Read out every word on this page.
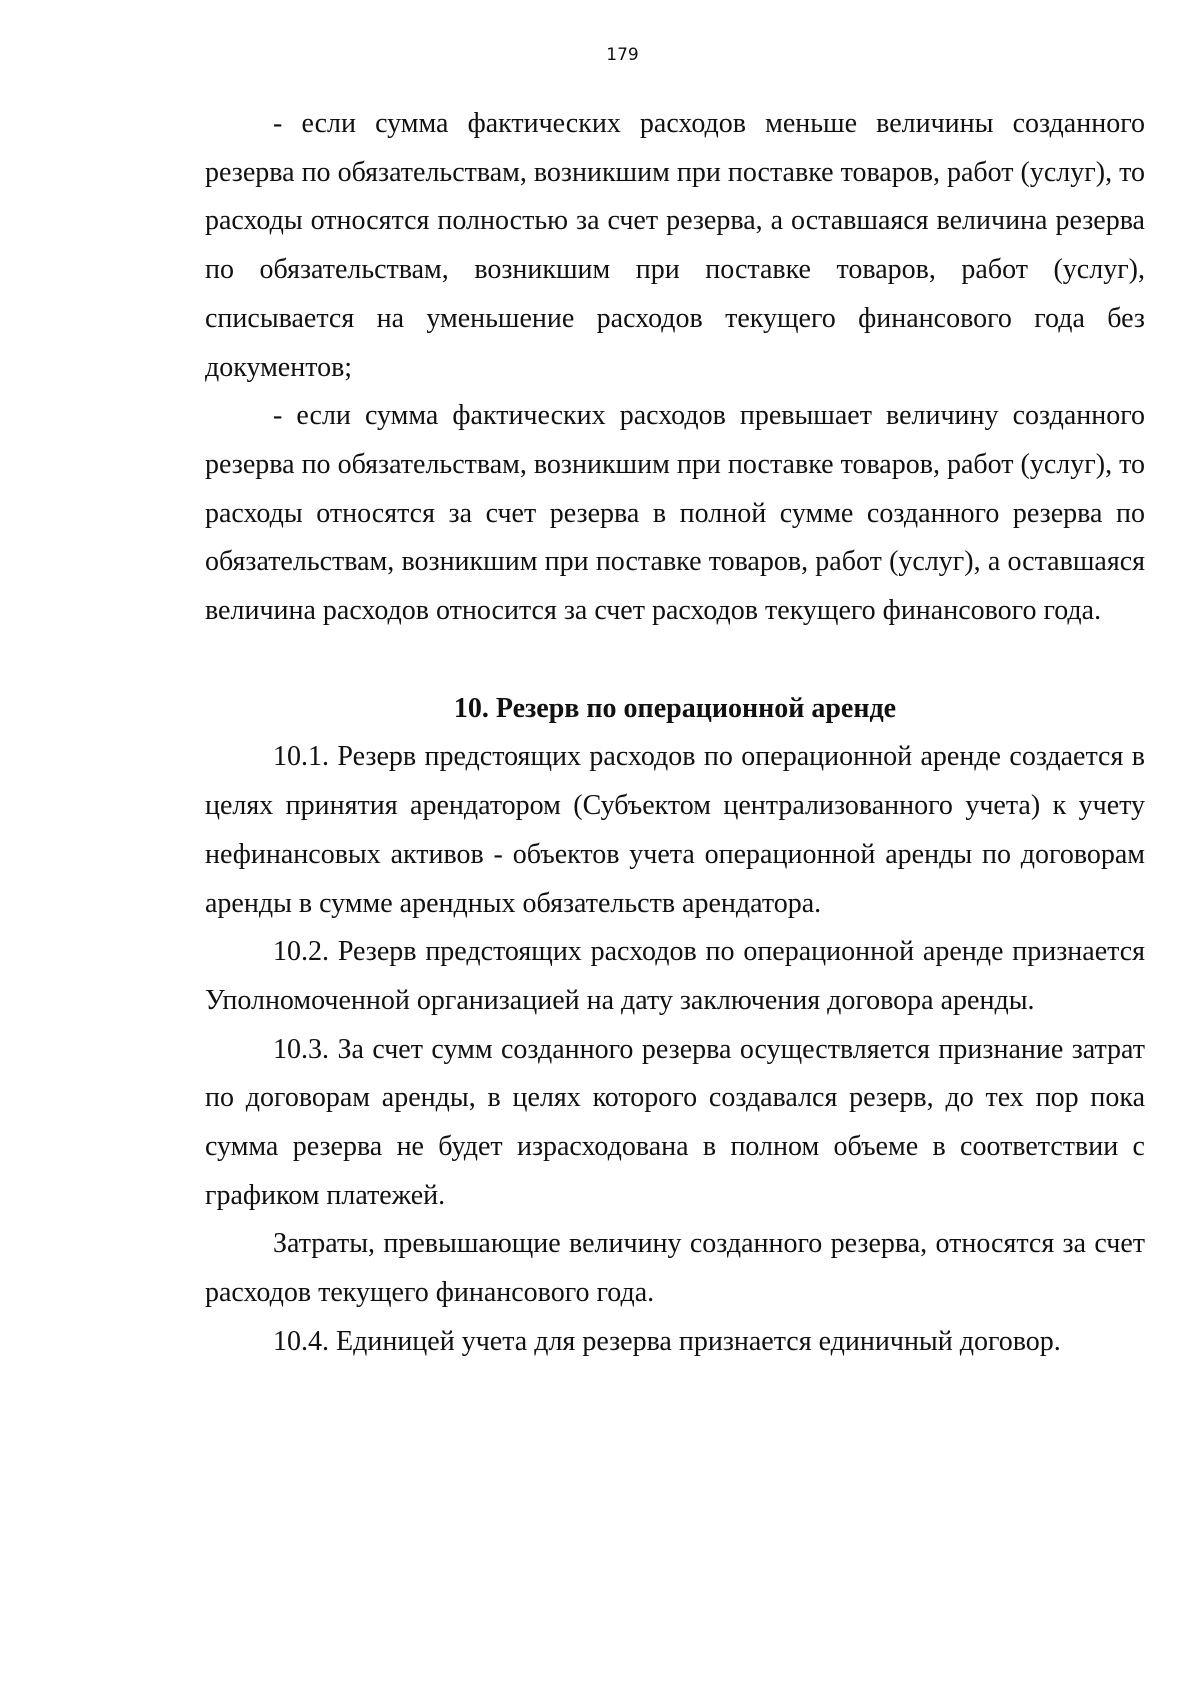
179

- если сумма фактических расходов меньше величины созданного резерва по обязательствам, возникшим при поставке товаров, работ (услуг), то расходы относятся полностью за счет резерва, а оставшаяся величина резерва по обязательствам, возникшим при поставке товаров, работ (услуг), списывается на уменьшение расходов текущего финансового года без документов;

- если сумма фактических расходов превышает величину созданного резерва по обязательствам, возникшим при поставке товаров, работ (услуг), то расходы относятся за счет резерва в полной сумме созданного резерва по обязательствам, возникшим при поставке товаров, работ (услуг), а оставшаяся величина расходов относится за счет расходов текущего финансового года.

10. Резерв по операционной аренде

10.1. Резерв предстоящих расходов по операционной аренде создается в целях принятия арендатором (Субъектом централизованного учета) к учету нефинансовых активов - объектов учета операционной аренды по договорам аренды в сумме арендных обязательств арендатора.

10.2. Резерв предстоящих расходов по операционной аренде признается Уполномоченной организацией на дату заключения договора аренды.

10.3. За счет сумм созданного резерва осуществляется признание затрат по договорам аренды, в целях которого создавался резерв, до тех пор пока сумма резерва не будет израсходована в полном объеме в соответствии с графиком платежей.

Затраты, превышающие величину созданного резерва, относятся за счет расходов текущего финансового года.

10.4. Единицей учета для резерва признается единичный договор.
